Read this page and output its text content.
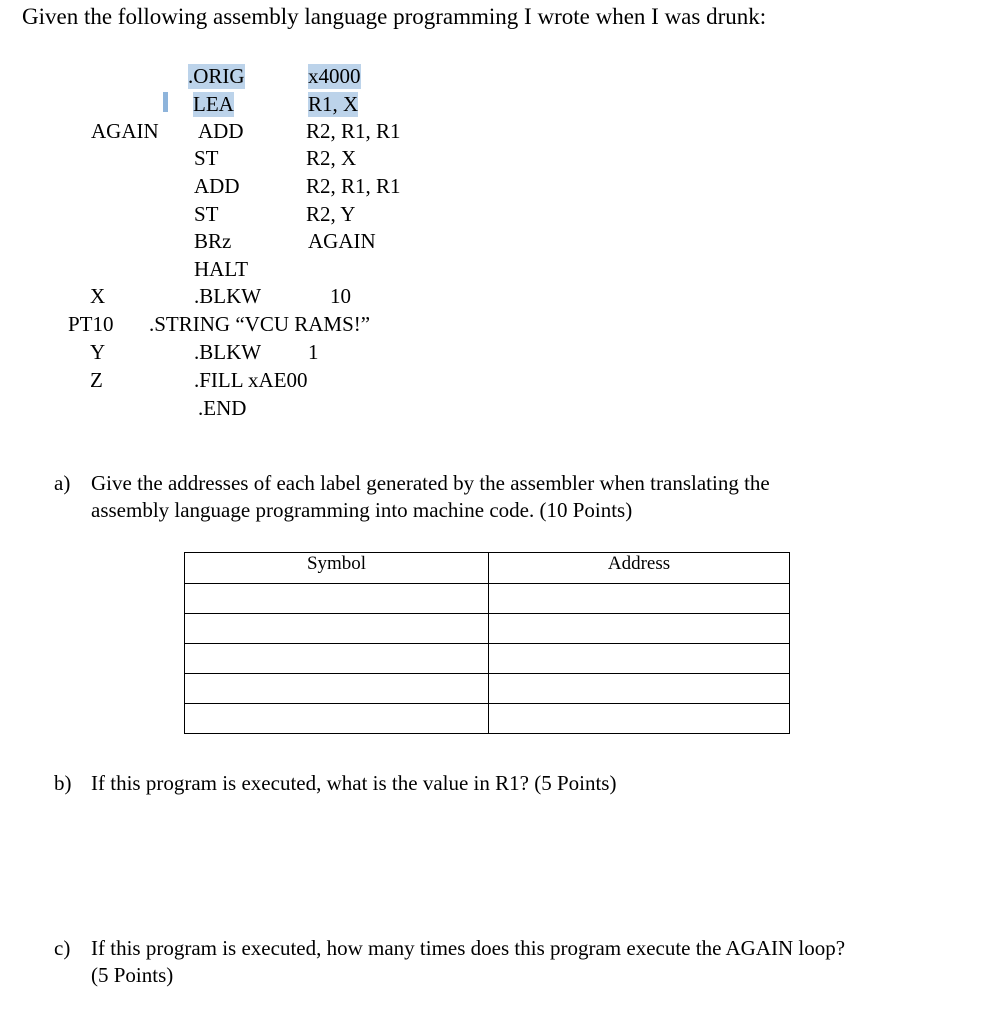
Given the following assembly language programming I wrote when I was drunk:
.ORIG	x4000
LEA	R1, X
AGAIN ADD	R2, R1, R1
ST	R2, X
ADD	R2, R1, R1
ST	R2, Y
BRz	AGAIN
HALT
X	.BLKW	10
PT10 .STRING “VCU RAMS!”
Y	.BLKW 1
Z	.FILL xAE00
.END
a) Give the addresses of each label generated by the assembler when translating the
assembly language programming into machine code. (10 Points)
Symbol	Address

b) If this program is executed, what is the value in R1? (5 Points)
c) If this program is executed, how many times does this program execute the AGAIN loop?
(5 Points)
